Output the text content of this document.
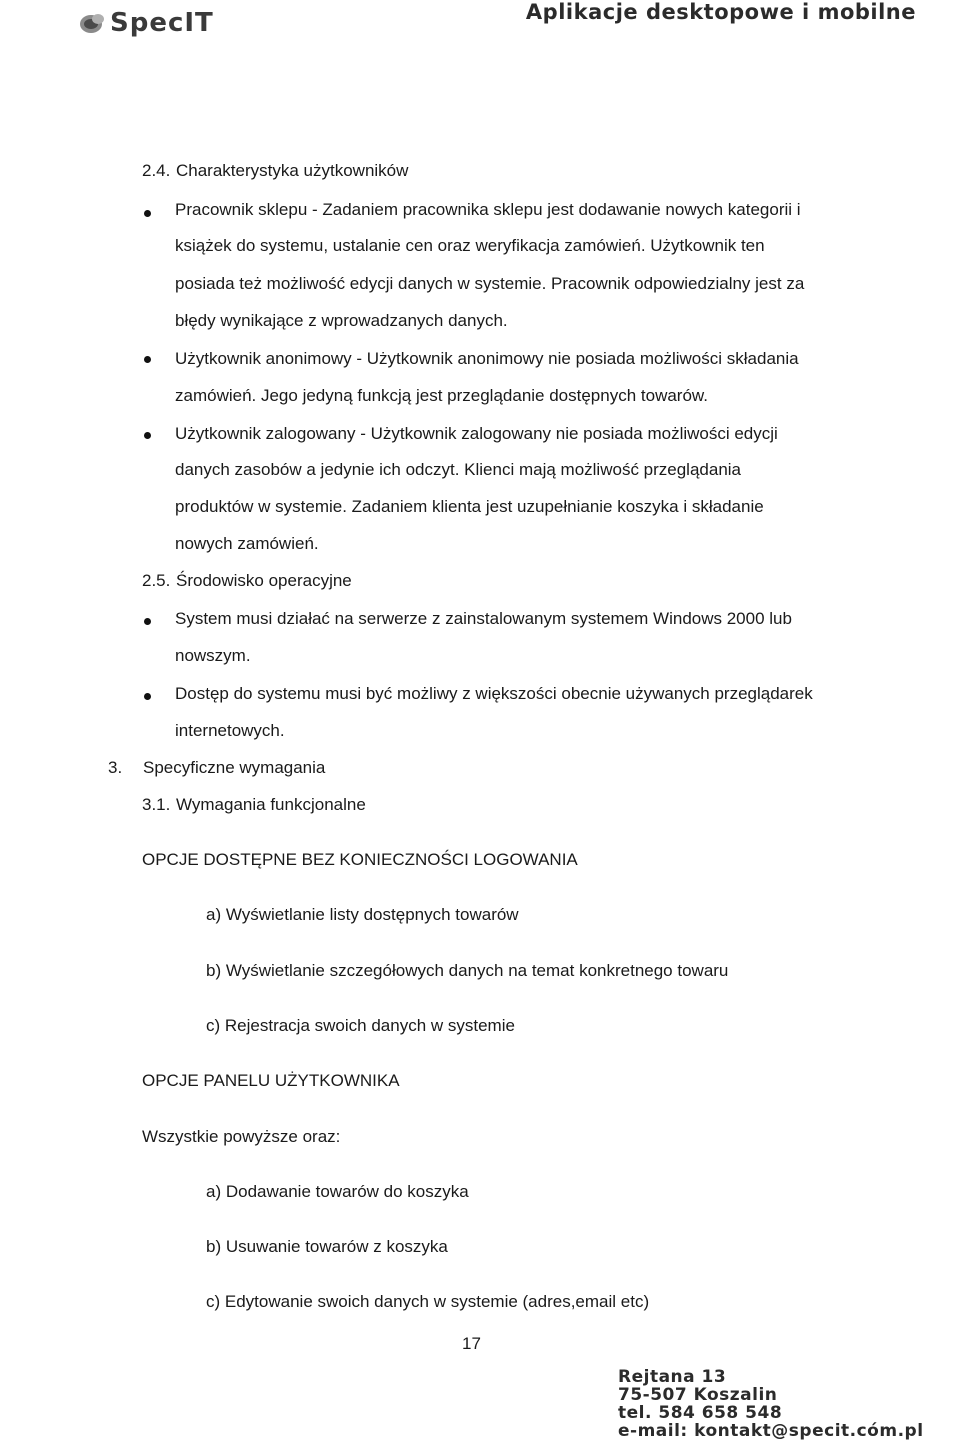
SpecIT	Aplikacje desktopowe i mobilne
2.4. Charakterystyka użytkowników
Pracownik sklepu - Zadaniem pracownika sklepu jest dodawanie nowych kategorii i
książek do systemu, ustalanie cen oraz weryfikacja zamówień. Użytkownik ten
posiada też możliwość edycji danych w systemie. Pracownik odpowiedzialny jest za
błędy wynikające z wprowadzanych danych.
Użytkownik anonimowy - Użytkownik anonimowy nie posiada możliwości składania
zamówień. Jego jedyną funkcją jest przeglądanie dostępnych towarów.
Użytkownik zalogowany - Użytkownik zalogowany nie posiada możliwości edycji
danych zasobów a jedynie ich odczyt. Klienci mają możliwość przeglądania
produktów w systemie. Zadaniem klienta jest uzupełnianie koszyka i składanie
nowych zamówień.
2.5. Środowisko operacyjne
System musi działać na serwerze z zainstalowanym systemem Windows 2000 lub
nowszym.
Dostęp do systemu musi być możliwy z większości obecnie używanych przeglądarek
internetowych.
3. Specyficzne wymagania
3.1. Wymagania funkcjonalne
OPCJE DOSTĘPNE BEZ KONIECZNOŚCI LOGOWANIA
a) Wyświetlanie listy dostępnych towarów
b) Wyświetlanie szczegółowych danych na temat konkretnego towaru
c) Rejestracja swoich danych w systemie
OPCJE PANELU UŻYTKOWNIKA
Wszystkie powyższe oraz:
a) Dodawanie towarów do koszyka
b) Usuwanie towarów z koszyka
c) Edytowanie swoich danych w systemie (adres,email etc)
17
Rejtana 13
75-507 Koszalin
tel. 584 658 548
e-mail: kontakt@specit.cóm.pl
